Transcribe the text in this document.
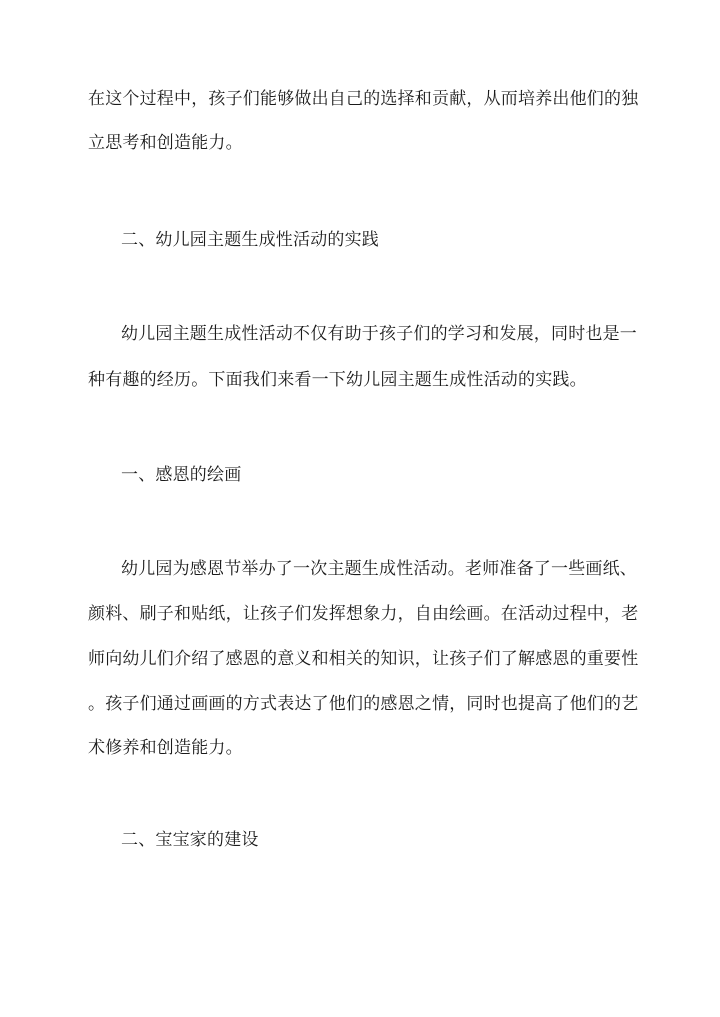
在这个过程中，孩子们能够做出自己的选择和贡献，从而培养出他们的独
立思考和创造能力。
二、幼儿园主题生成性活动的实践
幼儿园主题生成性活动不仅有助于孩子们的学习和发展，同时也是一
种有趣的经历。下面我们来看一下幼儿园主题生成性活动的实践。
一、感恩的绘画
幼儿园为感恩节举办了一次主题生成性活动。老师准备了一些画纸、
颜料、刷子和贴纸，让孩子们发挥想象力，自由绘画。在活动过程中，老
师向幼儿们介绍了感恩的意义和相关的知识，让孩子们了解感恩的重要性
。孩子们通过画画的方式表达了他们的感恩之情，同时也提高了他们的艺
术修养和创造能力。
二、宝宝家的建设
